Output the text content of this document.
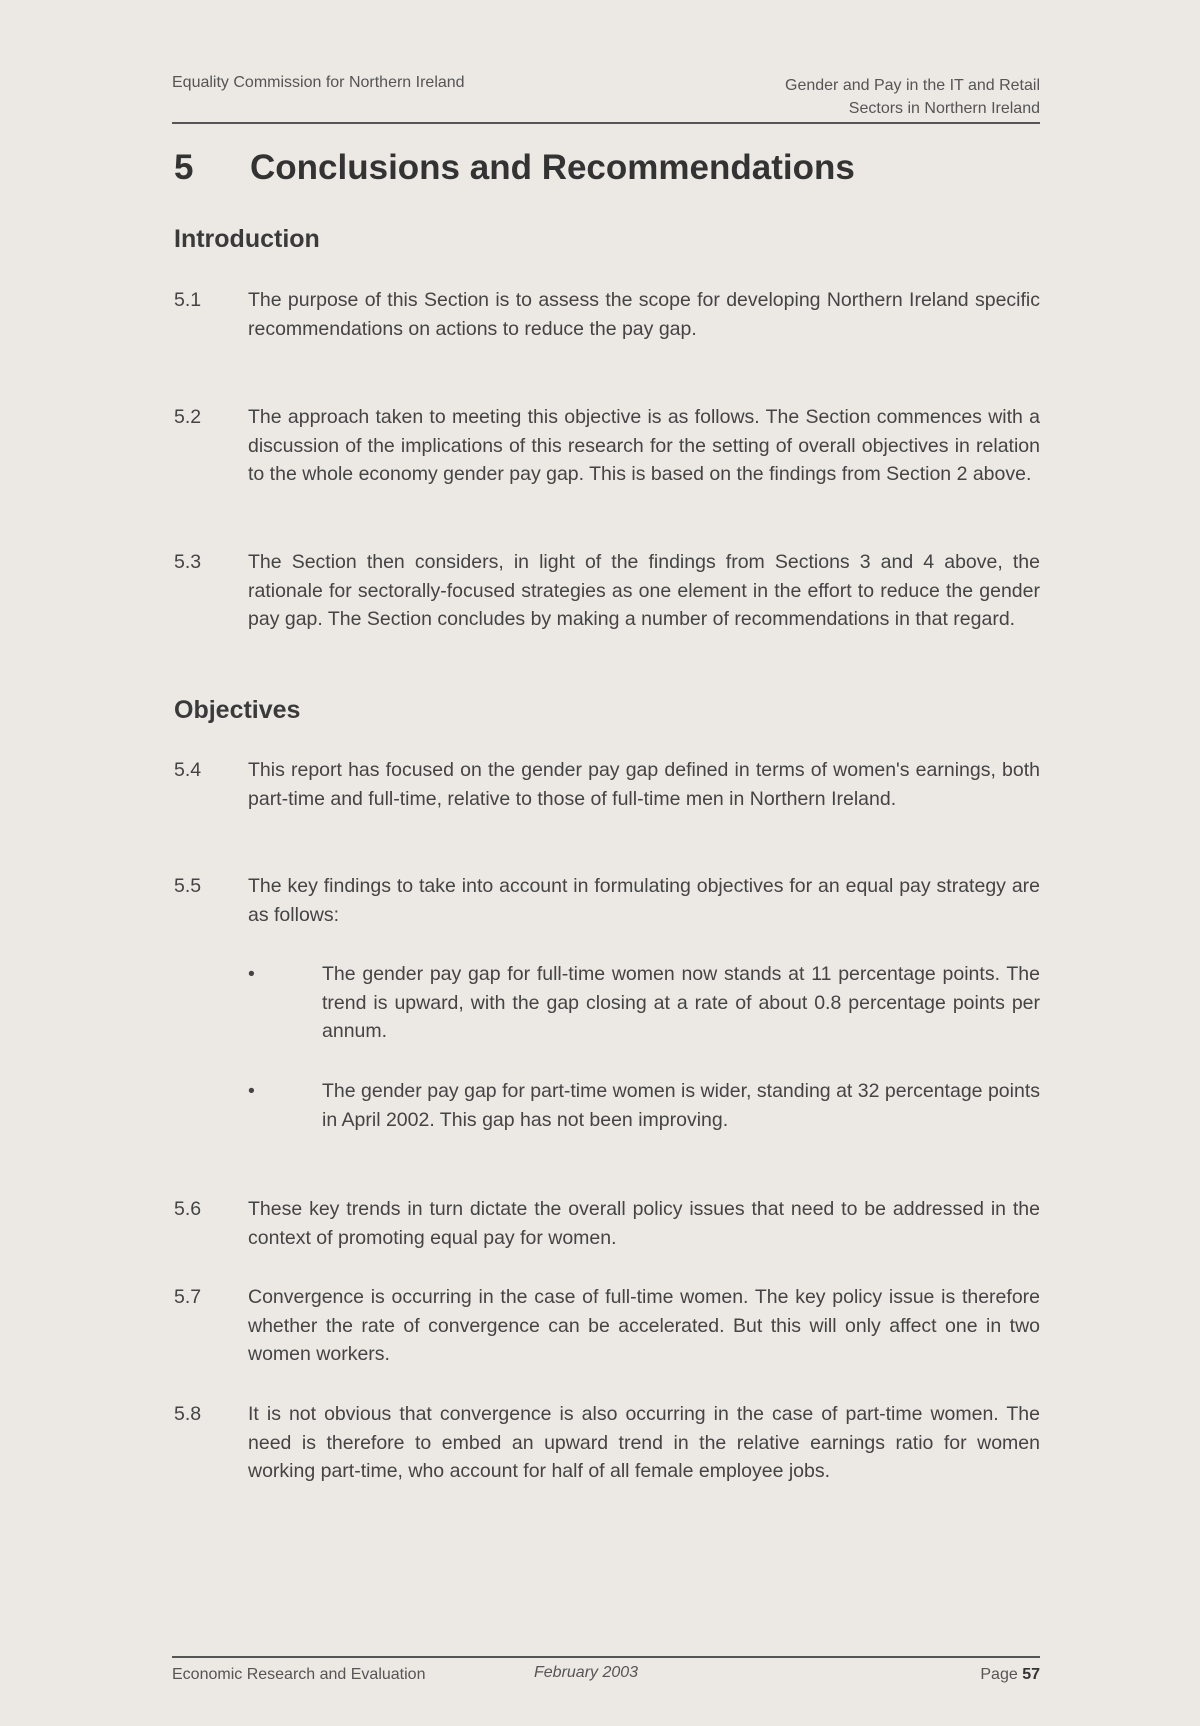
Equality Commission for Northern Ireland	Gender and Pay in the IT and Retail
Sectors in Northern Ireland
5 Conclusions and Recommendations
Introduction
5.1	The purpose of this Section is to assess the scope for developing Northern Ireland specific recommendations on actions to reduce the pay gap.
5.2	The approach taken to meeting this objective is as follows. The Section commences with a discussion of the implications of this research for the setting of overall objectives in relation to the whole economy gender pay gap. This is based on the findings from Section 2 above.
5.3	The Section then considers, in light of the findings from Sections 3 and 4 above, the rationale for sectorally-focused strategies as one element in the effort to reduce the gender pay gap. The Section concludes by making a number of recommendations in that regard.
Objectives
5.4	This report has focused on the gender pay gap defined in terms of women's earnings, both part-time and full-time, relative to those of full-time men in Northern Ireland.
5.5	The key findings to take into account in formulating objectives for an equal pay strategy are as follows:
•	The gender pay gap for full-time women now stands at 11 percentage points. The trend is upward, with the gap closing at a rate of about 0.8 percentage points per annum.
•	The gender pay gap for part-time women is wider, standing at 32 percentage points in April 2002. This gap has not been improving.
5.6	These key trends in turn dictate the overall policy issues that need to be addressed in the context of promoting equal pay for women.
5.7	Convergence is occurring in the case of full-time women. The key policy issue is therefore whether the rate of convergence can be accelerated. But this will only affect one in two women workers.
5.8	It is not obvious that convergence is also occurring in the case of part-time women. The need is therefore to embed an upward trend in the relative earnings ratio for women working part-time, who account for half of all female employee jobs.
Economic Research and Evaluation	February 2003	Page 57
